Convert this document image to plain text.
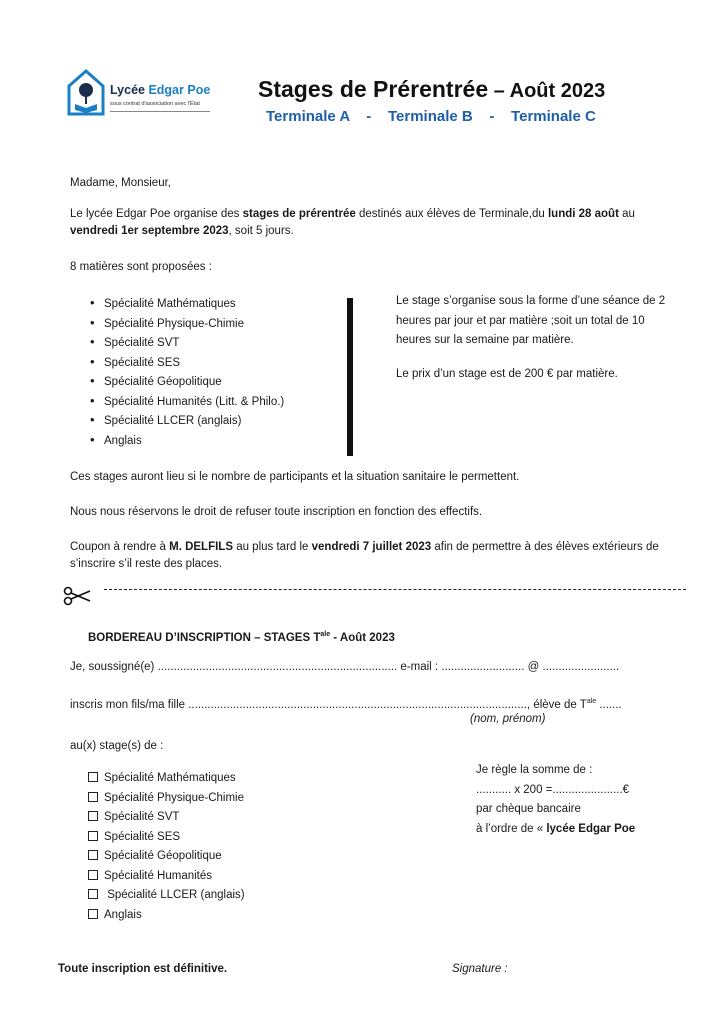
Lycée Edgar Poe
sous contrat d'association avec l'État
Stages de Prérentrée – Août 2023
Terminale A    -    Terminale B    -    Terminale C

Madame, Monsieur,

Le lycée Edgar Poe organise des stages de prérentrée destinés aux élèves de Terminale,du lundi 28 août au vendredi 1er septembre 2023, soit 5 jours.

8 matières sont proposées :

• Spécialité Mathématiques
• Spécialité Physique-Chimie
• Spécialité SVT
• Spécialité SES
• Spécialité Géopolitique
• Spécialité Humanités (Litt. & Philo.)
• Spécialité LLCER (anglais)
• Anglais

Le stage s’organise sous la forme d’une séance de 2 heures par jour et par matière ;soit un total de 10 heures sur la semaine par matière.

Le prix d’un stage est de 200 € par matière.

Ces stages auront lieu si le nombre de participants et la situation sanitaire le permettent.

Nous nous réservons le droit de refuser toute inscription en fonction des effectifs.

Coupon à rendre à M. DELFILS au plus tard le vendredi 7 juillet 2023 afin de permettre à des élèves extérieurs de s’inscrire s’il reste des places.

BORDEREAU D’INSCRIPTION – STAGES $T^{ale}$ - Août 2023

Je, soussigné(e) ........................................................................... e-mail : .......................... @ ........................

inscris mon fils/ma fille .........................................................................................................., élève de $T^{ale}$ .......

(nom, prénom)

au(x) stage(s) de :

Spécialité Mathématiques
Spécialité Physique-Chimie
Spécialité SVT
Spécialité SES
Spécialité Géopolitique
Spécialité Humanités
Spécialité LLCER (anglais)
Anglais
Je règle la somme de :
........... x 200 =......................€
par chèque bancaire
à l’ordre de « lycée Edgar Poe

Toute inscription est définitive.	Signature :
